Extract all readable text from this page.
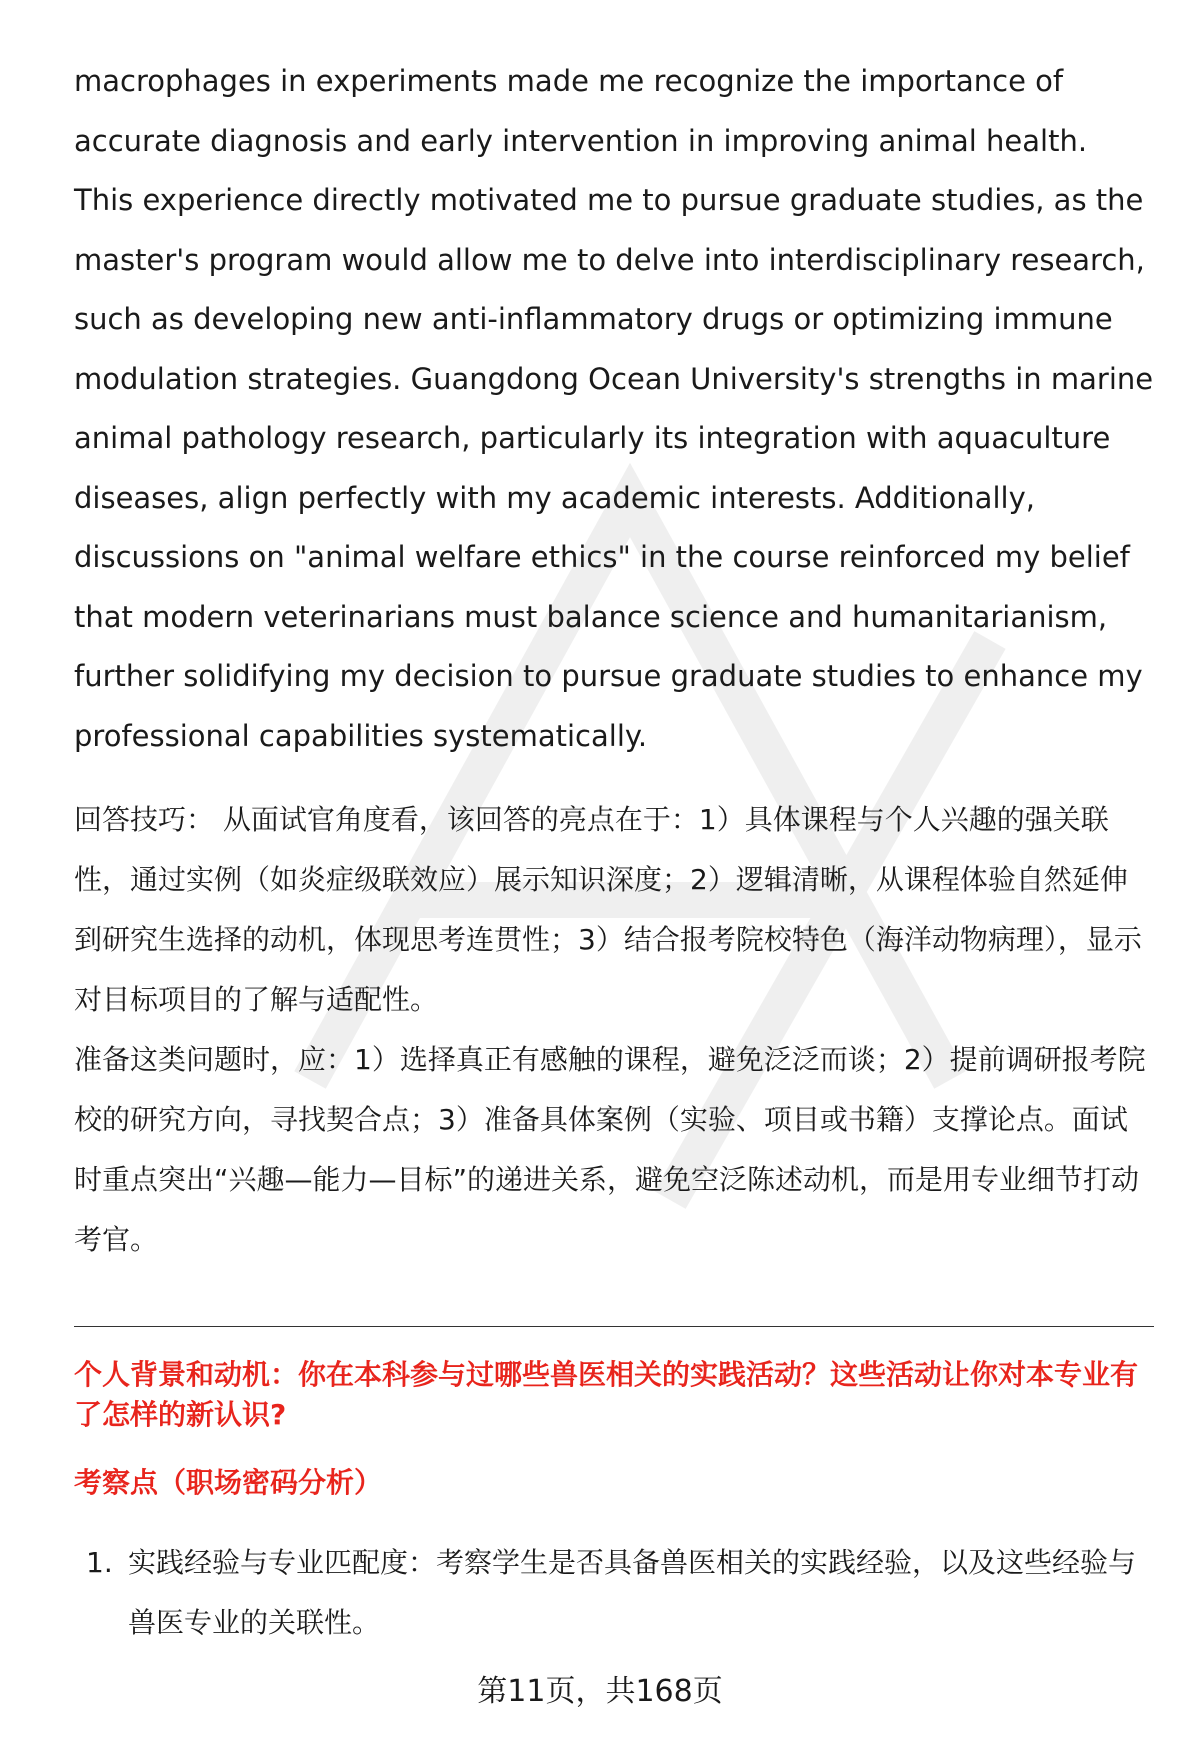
macrophages in experiments made me recognize the importance of accurate diagnosis and early intervention in improving animal health. This experience directly motivated me to pursue graduate studies, as the master's program would allow me to delve into interdisciplinary research, such as developing new anti-inflammatory drugs or optimizing immune modulation strategies. Guangdong Ocean University's strengths in marine animal pathology research, particularly its integration with aquaculture diseases, align perfectly with my academic interests. Additionally, discussions on "animal welfare ethics" in the course reinforced my belief that modern veterinarians must balance science and humanitarianism, further solidifying my decision to pursue graduate studies to enhance my professional capabilities systematically.

回答技巧： 从面试官角度看，该回答的亮点在于：1）具体课程与个人兴趣的强关联性，通过实例（如炎症级联效应）展示知识深度；2）逻辑清晰，从课程体验自然延伸到研究生选择的动机，体现思考连贯性；3）结合报考院校特色（海洋动物病理），显示对目标项目的了解与适配性。

准备这类问题时，应：1）选择真正有感触的课程，避免泛泛而谈；2）提前调研报考院校的研究方向，寻找契合点；3）准备具体案例（实验、项目或书籍）支撑论点。面试时重点突出“兴趣—能力—目标”的递进关系，避免空泛陈述动机，而是用专业细节打动考官。

个人背景和动机：你在本科参与过哪些兽医相关的实践活动？这些活动让你对本专业有了怎样的新认识?
考察点（职场密码分析）
1. 实践经验与专业匹配度：考察学生是否具备兽医相关的实践经验，以及这些经验与兽医专业的关联性。
第11页，共168页
